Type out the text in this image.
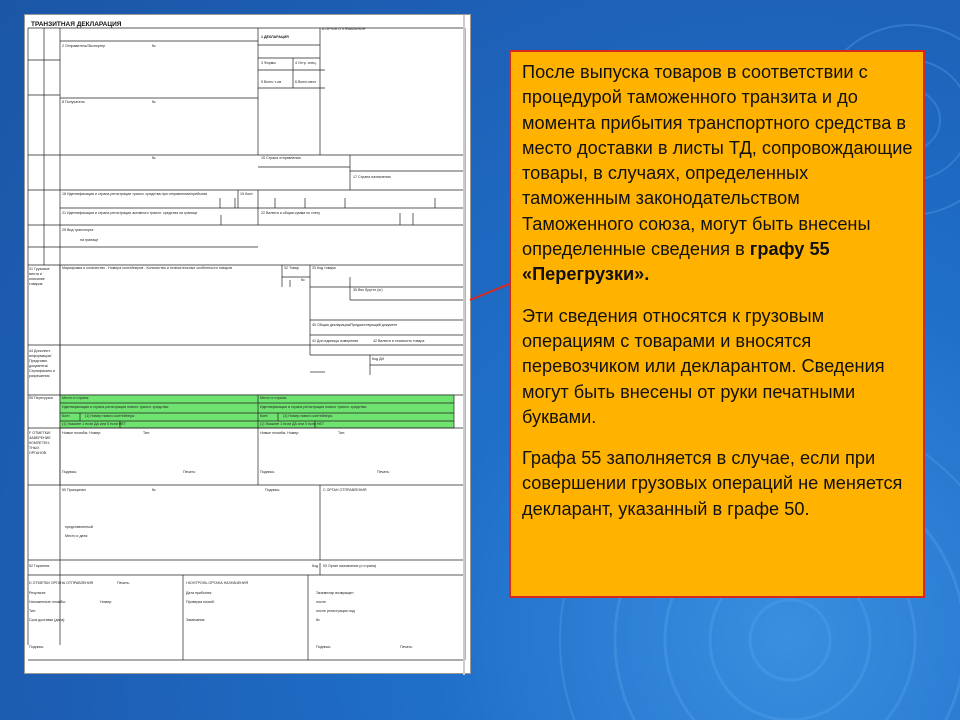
ТРАНЗИТНАЯ ДЕКЛАРАЦИЯ
А ОРГАН ОТПРАВЛЕНИЯ
1 ДЕКЛАРАЦИЯ
2 Отправитель/Экспортер	№
3 Формы	4 Отгр. спец.
5 Всего т-ов	6 Всего мест
8 Получатель	№
№	15 Страна отправления
17 Страна назначения
18 Идентификация и страна регистрации трансп. средства при отправлении/прибытии	19 Конт.
21 Идентификация и страна регистрации активного трансп. средства на границе	22 Валюта и общая сумма по счету
25 Вид транспорта
на границе
31 Грузовые места и описание товаров
Маркировка и количество - Номера контейнеров - Количество и отличительные особенности товаров	32 Товар	33 Код товара
№
35 Вес брутто (кг)
40 Общая декларация/Предшествующий документ
41 Доп.единицы измерения	42 Валюта и стоимость товара
44 Дополнит. информация/ Представл. документы/ Сертификаты и разрешения
Код ДИ
55 Перегрузки	Место и страна:	Место и страна:
Идентификация и страна регистрации нового трансп. средства:	Идентификация и страна регистрации нового трансп. средства:
Конт.	(1) Номер нового контейнера:	Конт.	(1) Номер нового контейнера:
(1) Укажите 1 если ДА или 0 если НЕТ	(1) Укажите 1 если ДА или 0 если НЕТ
F ОТМЕТКИ/ ЗАВЕРЕНИЕ КОМПЕТЕН- ТНЫХ ОРГАНОВ
Новые пломбы: Номер:	Тип:	Новые пломбы: Номер:	Тип:
Подпись:	Печать:	Подпись:	Печать:
50 Принципал	№	Подпись:	С ОРГАН ОТПРАВЛЕНИЯ
представленный
Место и дата:
52 Гарантия	Код 53 Орган назначения (и страна)
D ОТМЕТКИ ОРГАНА ОТПРАВЛЕНИЯ	Печать:
Результат:
Наложенные пломбы:	Номер:
Тип:
Срок доставки (дата):
Подпись:
I КОНТРОЛЬ ОРГАНА НАЗНАЧЕНИЯ
Дата прибытия:
Проверка пломб:
Замечания:
Экземпляр возвращен
после
после регистрации под
№
Подпись:	Печать:

После выпуска товаров в соответствии с процедурой таможенного транзита и до момента прибытия транспортного средства в место доставки в листы ТД, сопровождающие товары, в случаях, определенных таможенным законодательством Таможенного союза, могут быть внесены определенные сведения в графу 55 «Перегрузки».

Эти сведения относятся к грузовым операциям с товарами и вносятся перевозчиком или декларантом. Сведения могут быть внесены от руки печатными буквами.

Графа 55 заполняется в случае, если при совершении грузовых операций не меняется декларант, указанный в графе 50.
